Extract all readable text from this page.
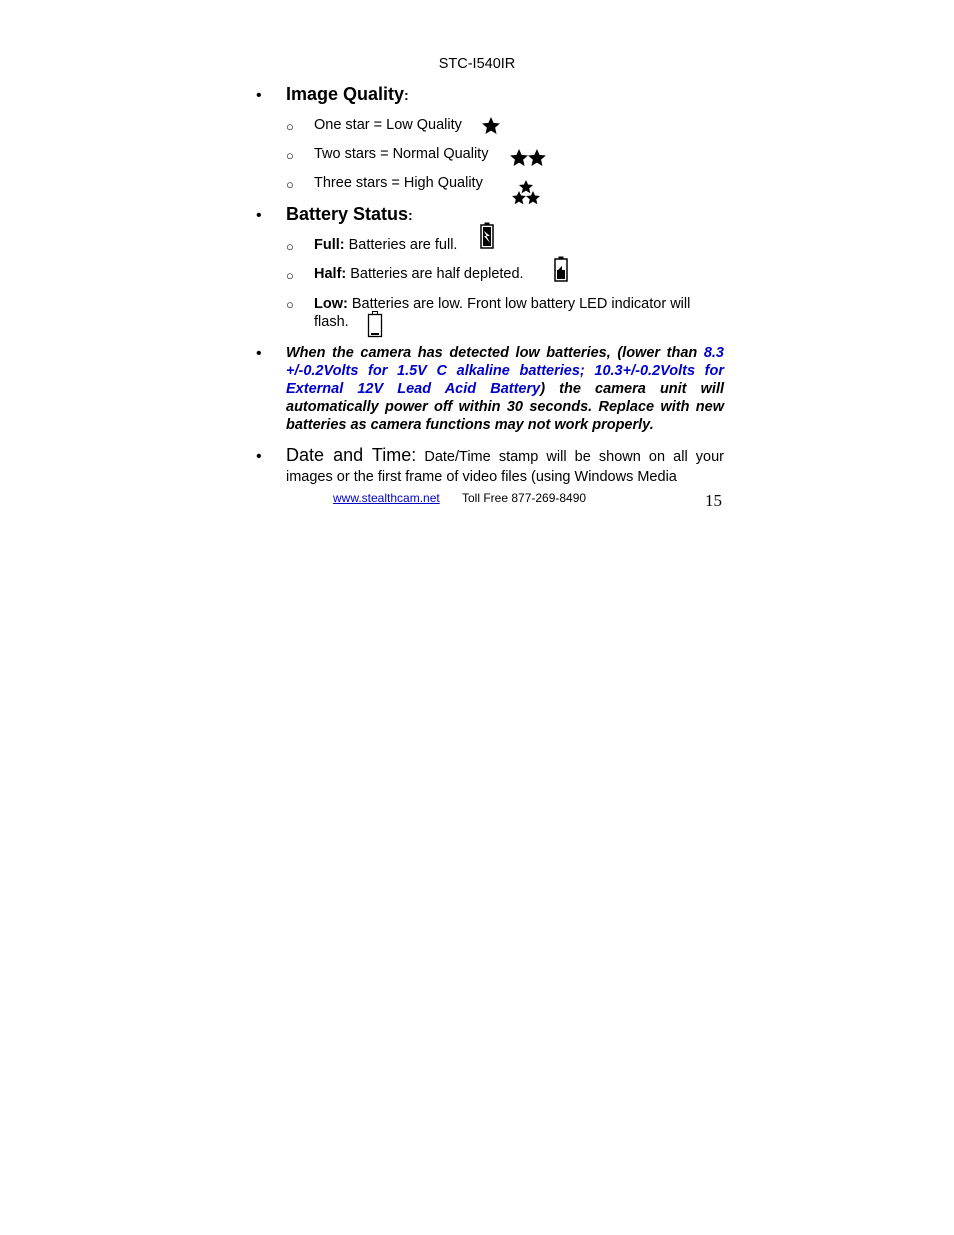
STC-I540IR
• Image Quality:
○ One star = Low Quality
○ Two stars = Normal Quality
○ Three stars = High Quality
• Battery Status:
○ Full: Batteries are full.
○ Half: Batteries are half depleted.
○ Low: Batteries are low. Front low battery LED indicator will flash.
• When the camera has detected low batteries, (lower than 8.3 +/-0.2Volts for 1.5V C alkaline batteries; 10.3+/-0.2Volts for External 12V Lead Acid Battery) the camera unit will automatically power off within 30 seconds. Replace with new batteries as camera functions may not work properly.
• Date and Time: Date/Time stamp will be shown on all your images or the first frame of video files (using Windows Media
www.stealthcam.net Toll Free 877-269-8490	15
